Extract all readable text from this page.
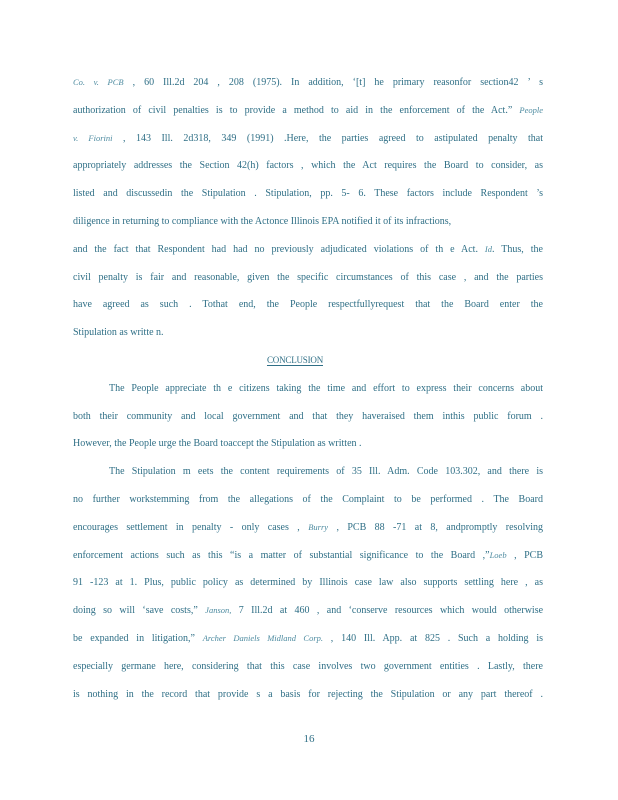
Co. v. PCB , 60 Ill.2d 204 , 208 (1975). In addition, ‘[t] he primary reasonfor section42 ’ s
authorization of civil penalties is to provide a method to aid in the enforcement of the Act.” People
v. Fiorini , 143 Ill. 2d318, 349 (1991) .Here, the parties agreed to astipulated penalty that
appropriately addresses the Section 42(h) factors , which the Act requires the Board to consider, as
listed and discussedin the Stipulation . Stipulation, pp. 5- 6. These factors include Respondent ’s
diligence in returning to compliance with the Actonce Illinois EPA notified it of its infractions,
and the fact that Respondent had had no previously adjudicated violations of th e Act. Id. Thus, the
civil penalty is fair and reasonable, given the specific circumstances of this case , and the parties
have agreed as such . Tothat end, the People respectfullyrequest that the Board enter the
Stipulation as writte n.
CONCLUSION
The People appreciate th e citizens taking the time and effort to express their concerns about
both their community and local government and that they haveraised them inthis public forum .
However, the People urge the Board toaccept the Stipulation as written .
The Stipulation m eets the content requirements of 35 Ill. Adm. Code 103.302, and there is
no further workstemming from the allegations of the Complaint to be performed . The Board
encourages settlement in penalty - only cases , Burry , PCB 88 -71 at 8, andpromptly resolving
enforcement actions such as this “is a matter of substantial significance to the Board ,”Loeb , PCB
91 -123 at 1. Plus, public policy as determined by Illinois case law also supports settling here , as
doing so will ‘save costs,” Janson, 7 Ill.2d at 460 , and ‘conserve resources which would otherwise
be expanded in litigation,” Archer Daniels Midland Corp. , 140 Ill. App. at 825 . Such a holding is
especially germane here, considering that this case involves two government entities . Lastly, there
is nothing in the record that provide s a basis for rejecting the Stipulation or any part thereof .
16
